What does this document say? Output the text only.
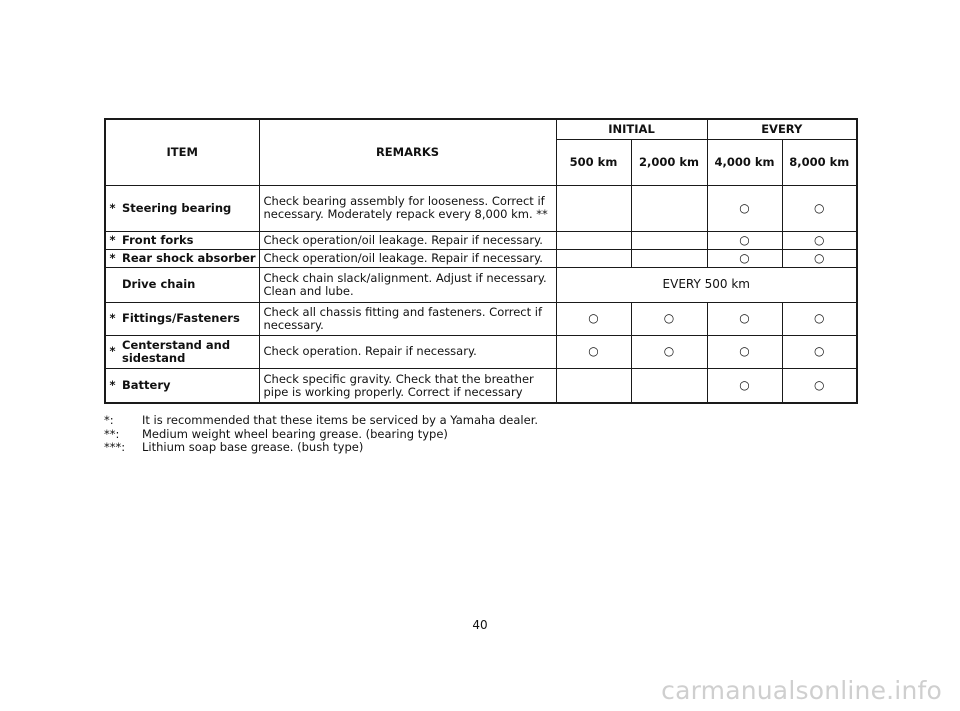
ITEM		REMARKS	INITIAL		EVERY	
			500 km	2,000 km	4,000 km	8,000 km
*	Steering bearing	Check bearing assembly for looseness. Correct if necessary. Moderately repack every 8,000 km. **			○	○
*	Front forks	Check operation/oil leakage. Repair if necessary.			○	○
*	Rear shock absorber	Check operation/oil leakage. Repair if necessary.			○	○
	Drive chain	Check chain slack/alignment. Adjust if necessary. Clean and lube.	EVERY 500 km			
*	Fittings/Fasteners	Check all chassis fitting and fasteners. Correct if necessary.	○	○	○	○
*	Centerstand and sidestand	Check operation. Repair if necessary.	○	○	○	○
*	Battery	Check specific gravity. Check that the breather pipe is working properly. Correct if necessary			○	○
*:	It is recommended that these items be serviced by a Yamaha dealer.
**:	Medium weight wheel bearing grease. (bearing type)
***:	Lithium soap base grease. (bush type)
40
carmanualsonline.info
